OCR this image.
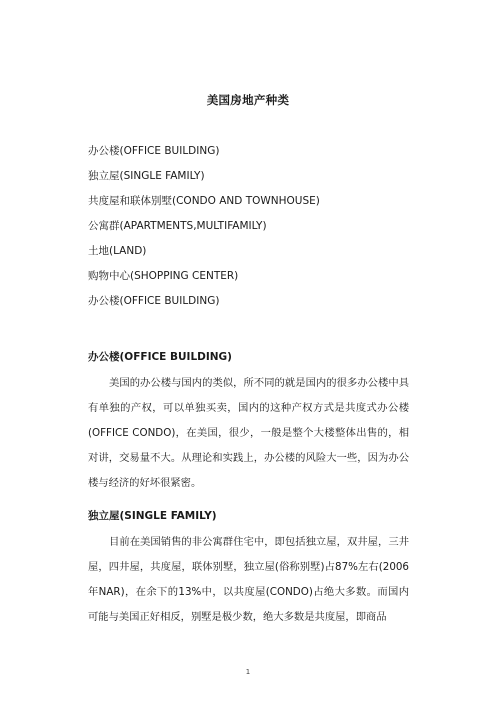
美国房地产种类
办公楼(OFFICE BUILDING)
独立屋(SINGLE FAMILY)
共度屋和联体别墅(CONDO AND TOWNHOUSE)
公寓群(APARTMENTS,MULTIFAMILY)
土地(LAND)
购物中心(SHOPPING CENTER)
办公楼(OFFICE BUILDING)
办公楼(OFFICE BUILDING)

美国的办公楼与国内的类似，所不同的就是国内的很多办公楼中具有单独的产权，可以单独买卖，国内的这种产权方式是共度式办公楼(OFFICE CONDO)，在美国，很少，一般是整个大楼整体出售的，相对讲，交易量不大。从理论和实践上，办公楼的风险大一些，因为办公楼与经济的好坏很紧密。

独立屋(SINGLE FAMILY)

目前在美国销售的非公寓群住宅中，即包括独立屋，双井屋，三井屋，四井屋，共度屋，联体别墅，独立屋(俗称别墅)占87%左右(2006年NAR)，在余下的13%中，以共度屋(CONDO)占绝大多数。而国内可能与美国正好相反，别墅是极少数，绝大多数是共度屋，即商品

1
